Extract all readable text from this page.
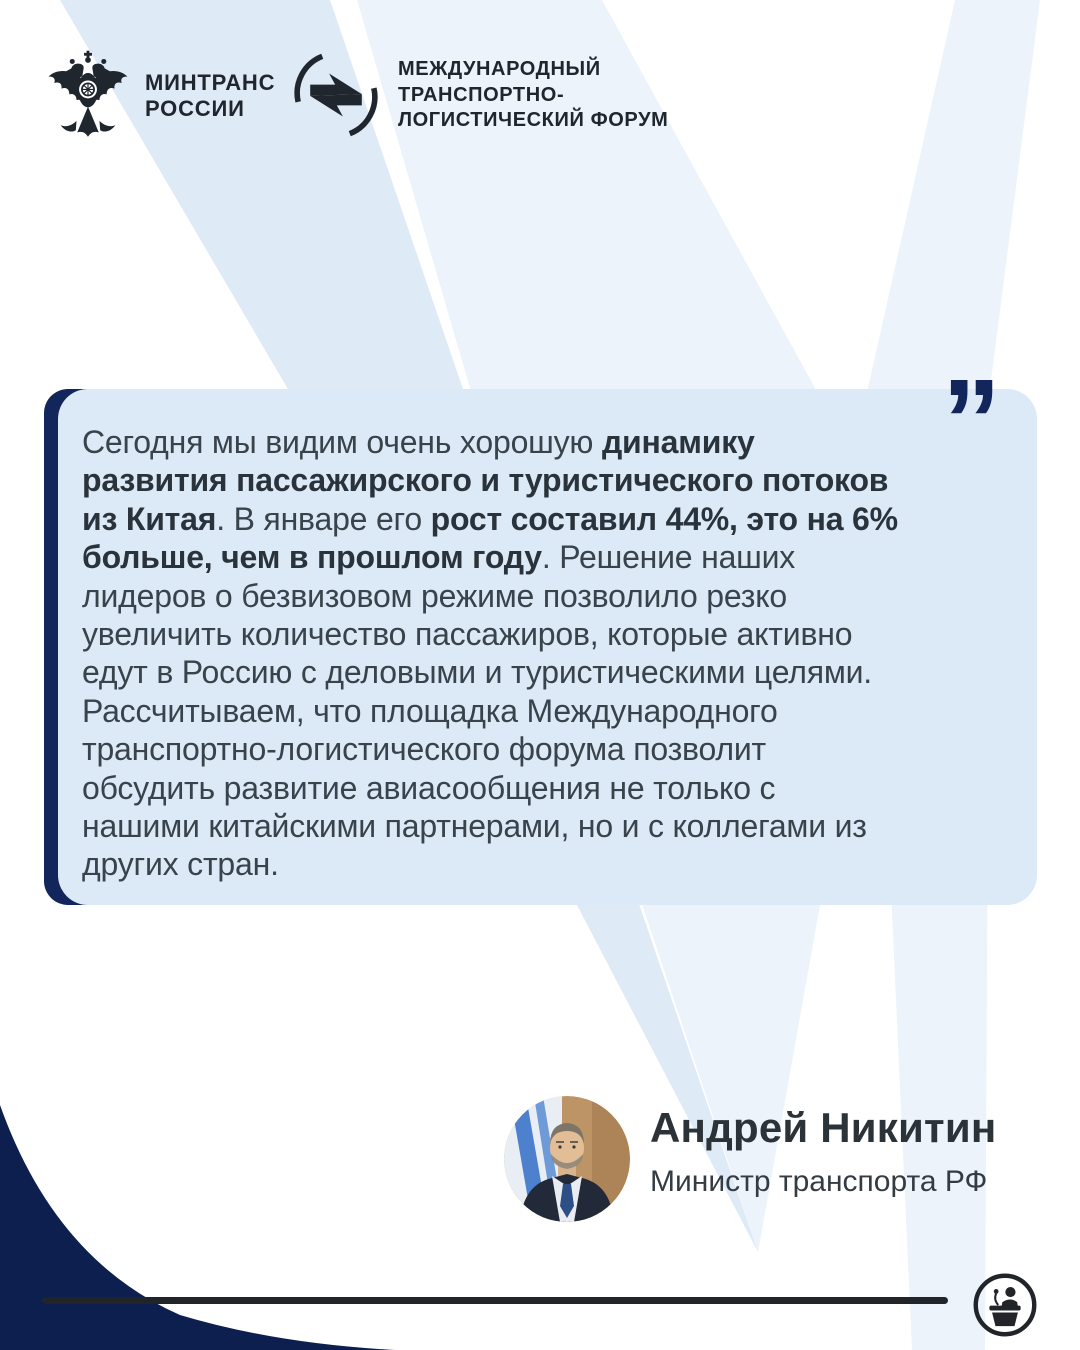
МИНТРАНС
РОССИИ
МЕЖДУНАРОДНЫЙ
ТРАНСПОРТНО-
ЛОГИСТИЧЕСКИЙ ФОРУМ
”
Сегодня мы видим очень хорошую динамику
развития пассажирского и туристического потоков
из Китая. В январе его рост составил 44%, это на 6%
больше, чем в прошлом году. Решение наших
лидеров о безвизовом режиме позволило резко
увеличить количество пассажиров, которые активно
едут в Россию с деловыми и туристическими целями.
Рассчитываем, что площадка Международного
транспортно-логистического форума позволит
обсудить развитие авиасообщения не только с
нашими китайскими партнерами, но и с коллегами из
других стран.
Андрей Никитин
Министр транспорта РФ
